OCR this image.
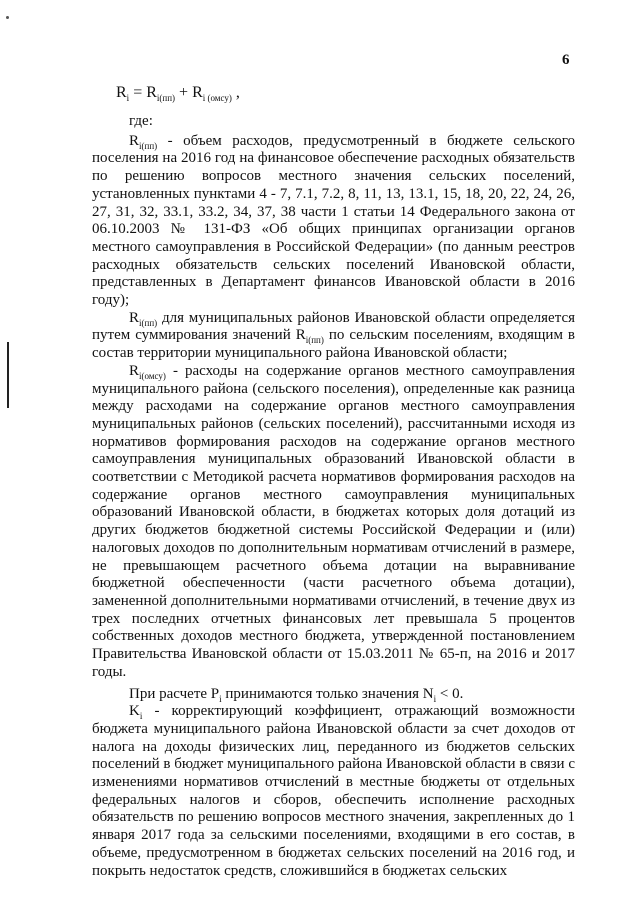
6
$R_i = R_{i(пп)} + R_{i (омсу)}$ ,

где:

$R_{i(пп)}$ - объем расходов, предусмотренный в бюджете сельского поселения на 2016 год на финансовое обеспечение расходных обязательств по решению вопросов местного значения сельских поселений, установленных пунктами 4 - 7, 7.1, 7.2, 8, 11, 13, 13.1, 15, 18, 20, 22, 24, 26, 27, 31, 32, 33.1, 33.2, 34, 37, 38 части 1 статьи 14 Федерального закона от 06.10.2003 № 131-ФЗ «Об общих принципах организации органов местного самоуправления в Российской Федерации» (по данным реестров расходных обязательств сельских поселений Ивановской области, представленных в Департамент финансов Ивановской области в 2016 году);

$R_{i(пп)}$ для муниципальных районов Ивановской области определяется путем суммирования значений $R_{i(пп)}$ по сельским поселениям, входящим в состав территории муниципального района Ивановской области;

$R_{i(омсу)}$ - расходы на содержание органов местного самоуправления муниципального района (сельского поселения), определенные как разница между расходами на содержание органов местного самоуправления муниципальных районов (сельских поселений), рассчитанными исходя из нормативов формирования расходов на содержание органов местного самоуправления муниципальных образований Ивановской области в соответствии с Методикой расчета нормативов формирования расходов на содержание органов местного самоуправления муниципальных образований Ивановской области, в бюджетах которых доля дотаций из других бюджетов бюджетной системы Российской Федерации и (или) налоговых доходов по дополнительным нормативам отчислений в размере, не превышающем расчетного объема дотации на выравнивание бюджетной обеспеченности (части расчетного объема дотации), замененной дополнительными нормативами отчислений, в течение двух из трех последних отчетных финансовых лет превышала 5 процентов собственных доходов местного бюджета, утвержденной постановлением Правительства Ивановской области от 15.03.2011 № 65-п, на 2016 и 2017 годы.

При расчете $P_i$ принимаются только значения $N_i < 0$.

$K_i$ - корректирующий коэффициент, отражающий возможности бюджета муниципального района Ивановской области за счет доходов от налога на доходы физических лиц, переданного из бюджетов сельских поселений в бюджет муниципального района Ивановской области в связи с изменениями нормативов отчислений в местные бюджеты от отдельных федеральных налогов и сборов, обеспечить исполнение расходных обязательств по решению вопросов местного значения, закрепленных до 1 января 2017 года за сельскими поселениями, входящими в его состав, в объеме, предусмотренном в бюджетах сельских поселений на 2016 год, и покрыть недостаток средств, сложившийся в бюджетах сельских
